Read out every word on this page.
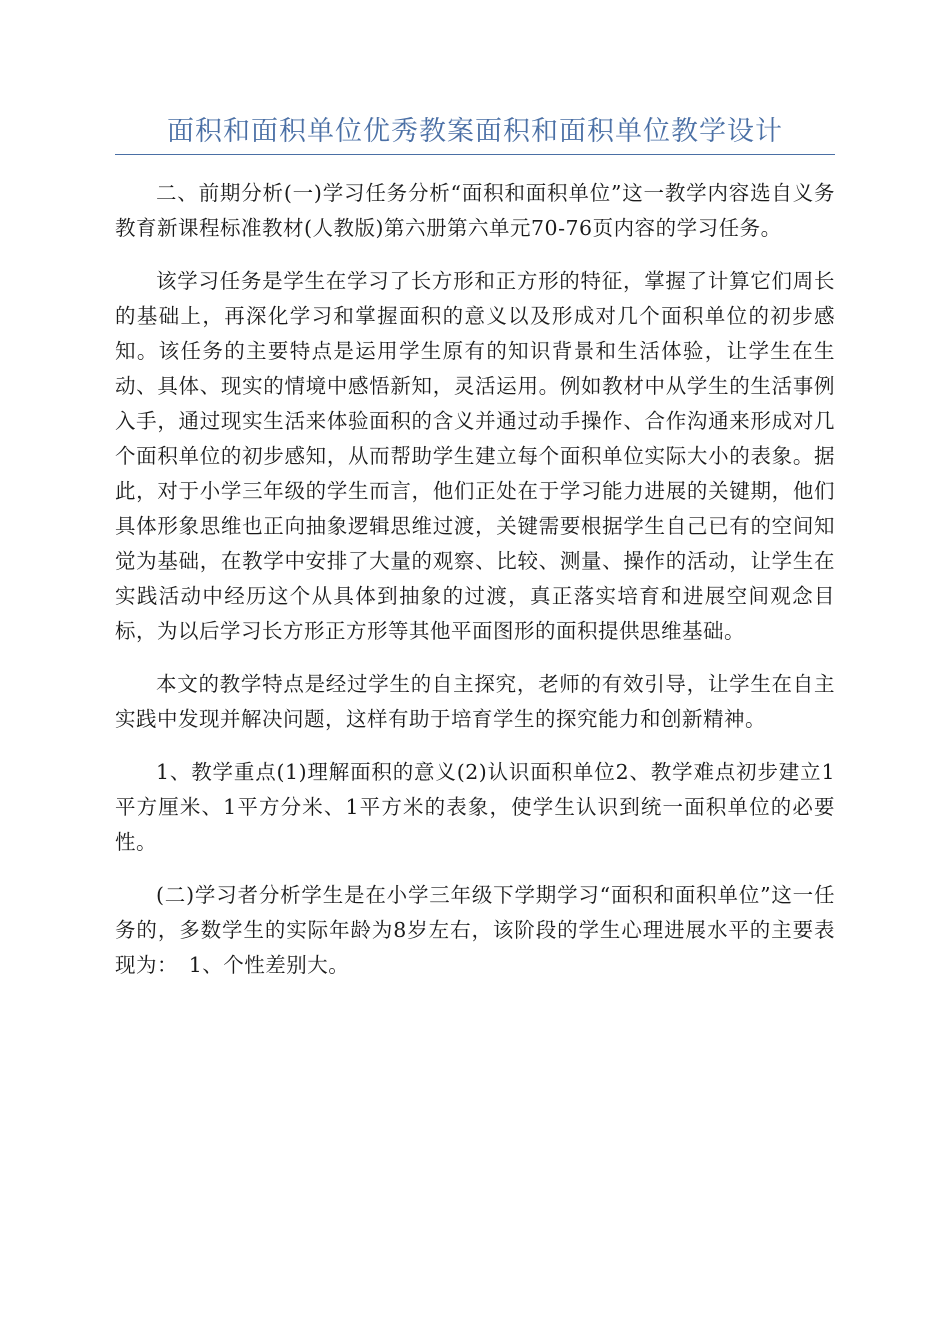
面积和面积单位优秀教案面积和面积单位教学设计

二、前期分析(一)学习任务分析“面积和面积单位”这一教学内容选自义务教育新课程标准教材(人教版)第六册第六单元70-76页内容的学习任务。

该学习任务是学生在学习了长方形和正方形的特征，掌握了计算它们周长的基础上，再深化学习和掌握面积的意义以及形成对几个面积单位的初步感知。该任务的主要特点是运用学生原有的知识背景和生活体验，让学生在生动、具体、现实的情境中感悟新知，灵活运用。例如教材中从学生的生活事例入手，通过现实生活来体验面积的含义并通过动手操作、合作沟通来形成对几个面积单位的初步感知，从而帮助学生建立每个面积单位实际大小的表象。据此，对于小学三年级的学生而言，他们正处在于学习能力进展的关键期，他们具体形象思维也正向抽象逻辑思维过渡，关键需要根据学生自己已有的空间知觉为基础，在教学中安排了大量的观察、比较、测量、操作的活动，让学生在实践活动中经历这个从具体到抽象的过渡，真正落实培育和进展空间观念目标，为以后学习长方形正方形等其他平面图形的面积提供思维基础。

本文的教学特点是经过学生的自主探究，老师的有效引导，让学生在自主实践中发现并解决问题，这样有助于培育学生的探究能力和创新精神。

1、教学重点(1)理解面积的意义(2)认识面积单位2、教学难点初步建立1平方厘米、1平方分米、1平方米的表象，使学生认识到统一面积单位的必要性。

(二)学习者分析学生是在小学三年级下学期学习“面积和面积单位”这一任务的，多数学生的实际年龄为8岁左右，该阶段的学生心理进展水平的主要表现为：　1、个性差别大。
